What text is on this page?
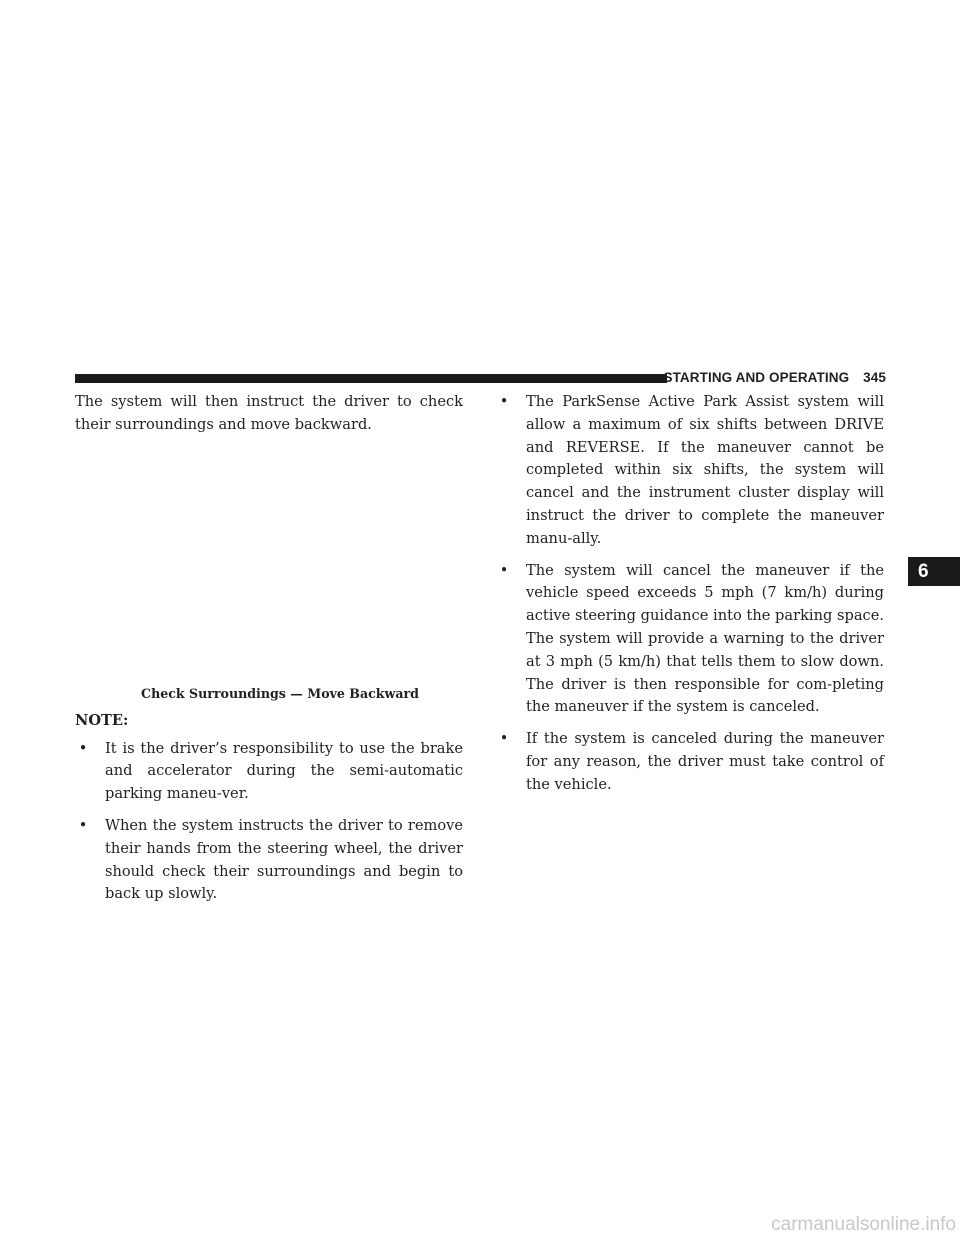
STARTING AND OPERATING 345

The system will then instruct the driver to check their surroundings and move backward.

Check Surroundings — Move Backward
NOTE:
• It is the driver’s responsibility to use the brake and accelerator during the semi-automatic parking maneu-ver.
• When the system instructs the driver to remove their hands from the steering wheel, the driver should check their surroundings and begin to back up slowly.
• The ParkSense Active Park Assist system will allow a maximum of six shifts between DRIVE and REVERSE. If the maneuver cannot be completed within six shifts, the system will cancel and the instrument cluster display will instruct the driver to complete the maneuver manu-ally.
• The system will cancel the maneuver if the vehicle speed exceeds 5 mph (7 km/h) during active steering guidance into the parking space. The system will provide a warning to the driver at 3 mph (5 km/h) that tells them to slow down. The driver is then responsible for com-pleting the maneuver if the system is canceled.
• If the system is canceled during the maneuver for any reason, the driver must take control of the vehicle.
6
carmanualsonline.info
